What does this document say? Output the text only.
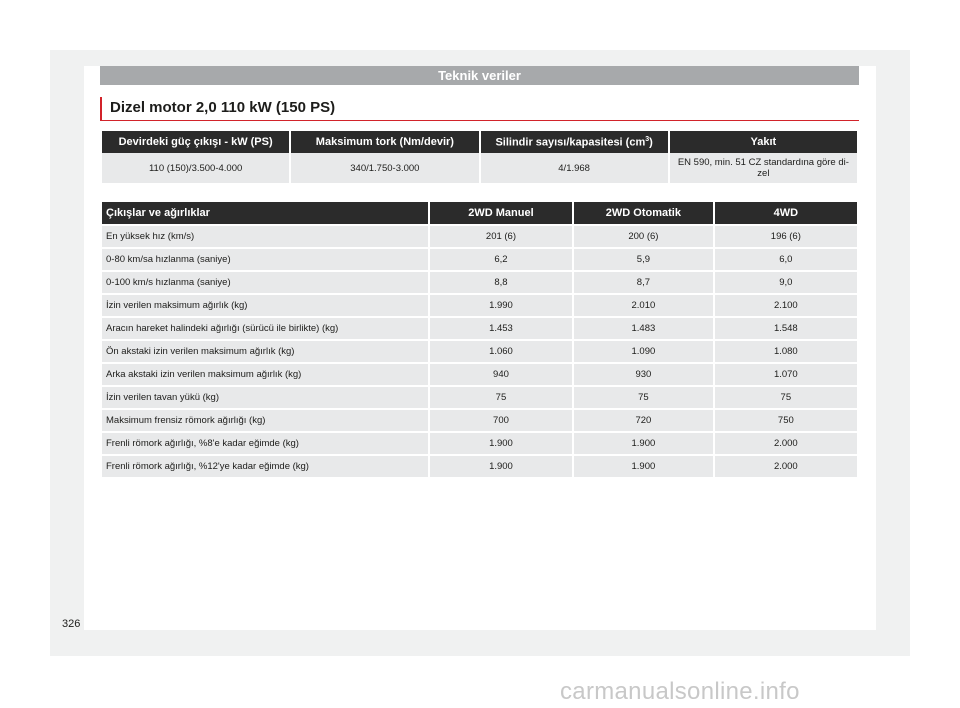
Teknik veriler
Dizel motor 2,0 110 kW (150 PS)
Devirdeki güç çıkışı - kW (PS)	Maksimum tork (Nm/devir)	Silindir sayısı/kapasitesi $(cm^3)$	Yakıt
110 (150)/3.500-4.000	340/1.750-3.000	4/1.968	EN 590, min. 51 CZ standardına göre di-zel
Çıkışlar ve ağırlıklar	2WD Manuel	2WD Otomatik	4WD
En yüksek hız (km/s)	201 (6)	200 (6)	196 (6)
0-80 km/sa hızlanma (saniye)	6,2	5,9	6,0
0-100 km/s hızlanma (saniye)	8,8	8,7	9,0
İzin verilen maksimum ağırlık (kg)	1.990	2.010	2.100
Aracın hareket halindeki ağırlığı (sürücü ile birlikte) (kg)	1.453	1.483	1.548
Ön akstaki izin verilen maksimum ağırlık (kg)	1.060	1.090	1.080
Arka akstaki izin verilen maksimum ağırlık (kg)	940	930	1.070
İzin verilen tavan yükü (kg)	75	75	75
Maksimum frensiz römork ağırlığı (kg)	700	720	750
Frenli römork ağırlığı, %8'e kadar eğimde (kg)	1.900	1.900	2.000
Frenli römork ağırlığı, %12'ye kadar eğimde (kg)	1.900	1.900	2.000
326
carmanualsonline.info
